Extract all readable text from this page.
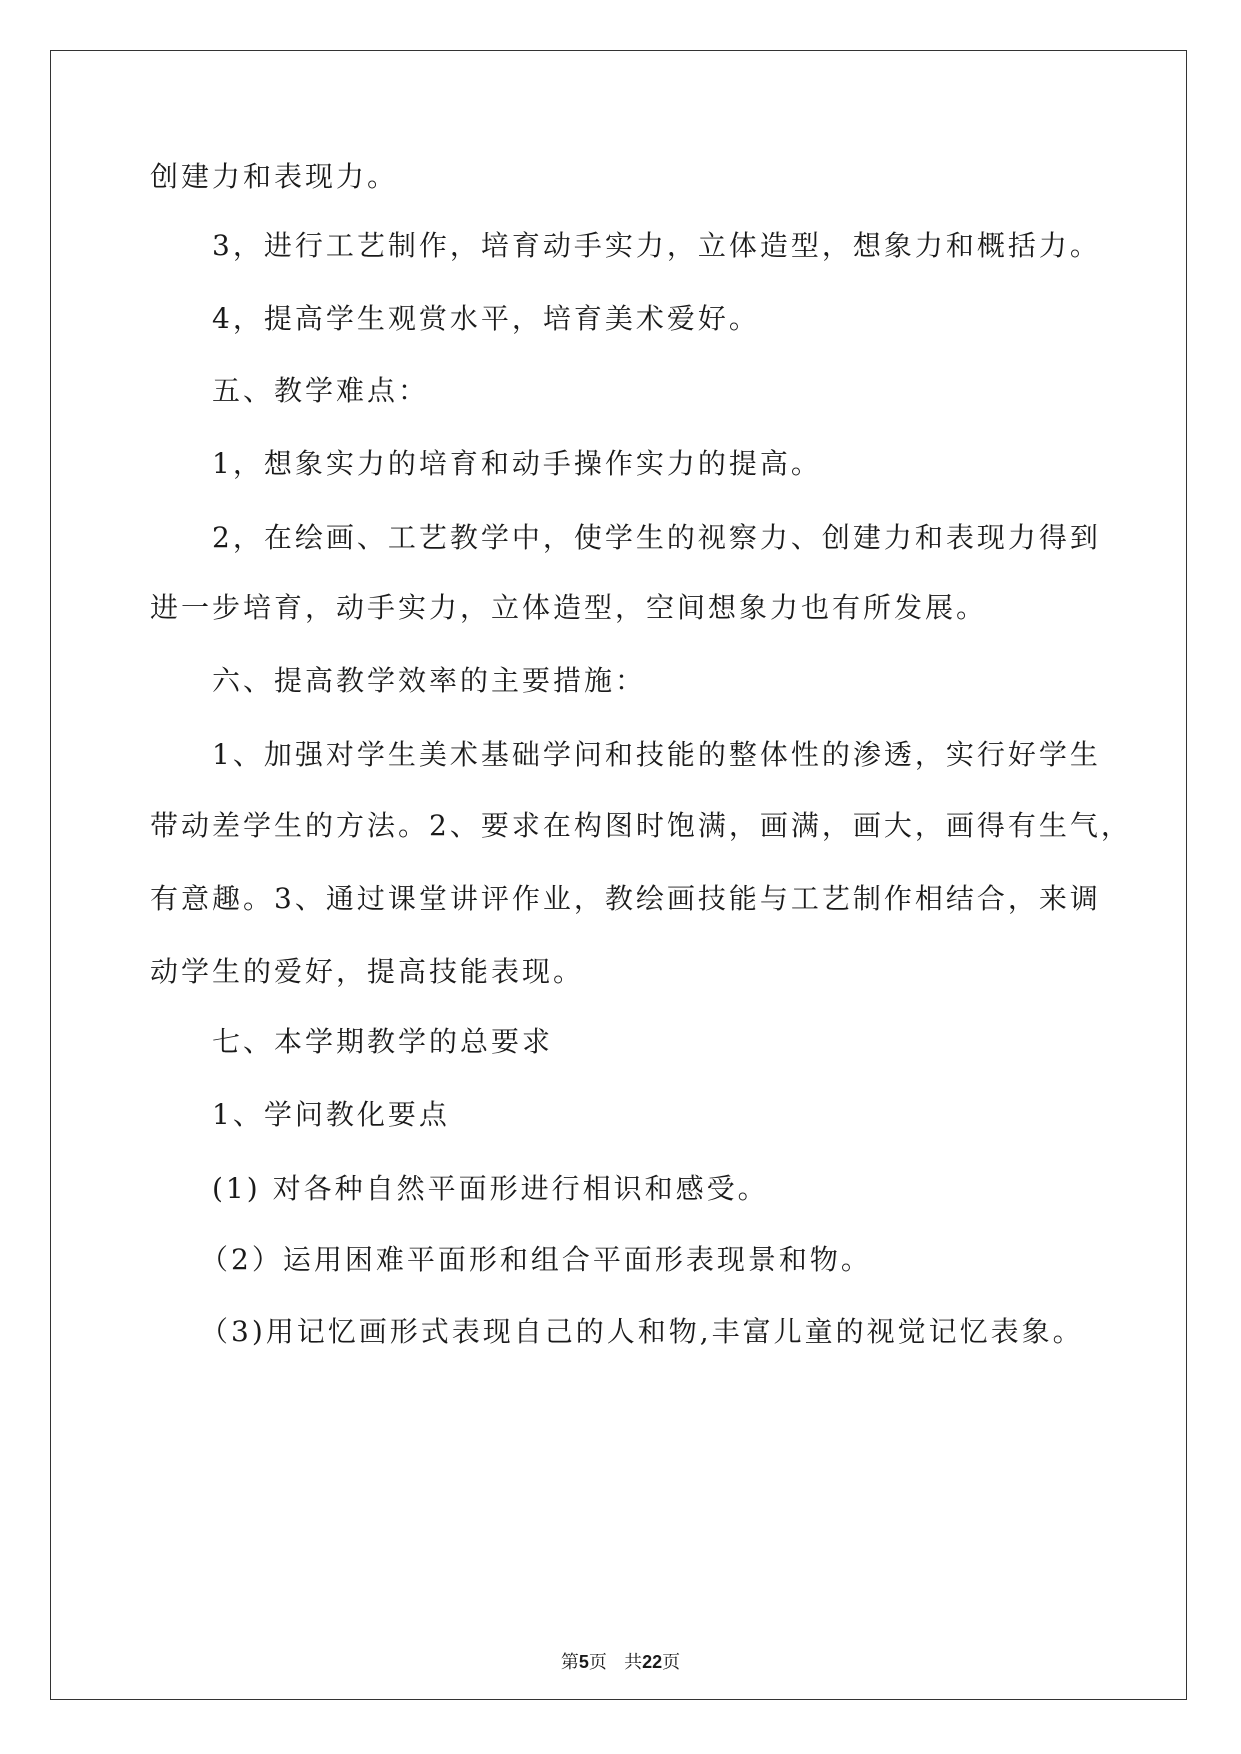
创建力和表现力。
3，进行工艺制作，培育动手实力，立体造型，想象力和概括力。
4，提高学生观赏水平，培育美术爱好。
五、教学难点：
1，想象实力的培育和动手操作实力的提高。
2，在绘画、工艺教学中，使学生的视察力、创建力和表现力得到
进一步培育，动手实力，立体造型，空间想象力也有所发展。
六、提高教学效率的主要措施：
1、加强对学生美术基础学问和技能的整体性的渗透，实行好学生
带动差学生的方法。2、要求在构图时饱满，画满，画大，画得有生气，
有意趣。3、通过课堂讲评作业，教绘画技能与工艺制作相结合，来调
动学生的爱好，提高技能表现。
七、本学期教学的总要求
1、学问教化要点
(1) 对各种自然平面形进行相识和感受。
（2）运用困难平面形和组合平面形表现景和物。
（3)用记忆画形式表现自己的人和物,丰富儿童的视觉记忆表象。
第5页   共22页
